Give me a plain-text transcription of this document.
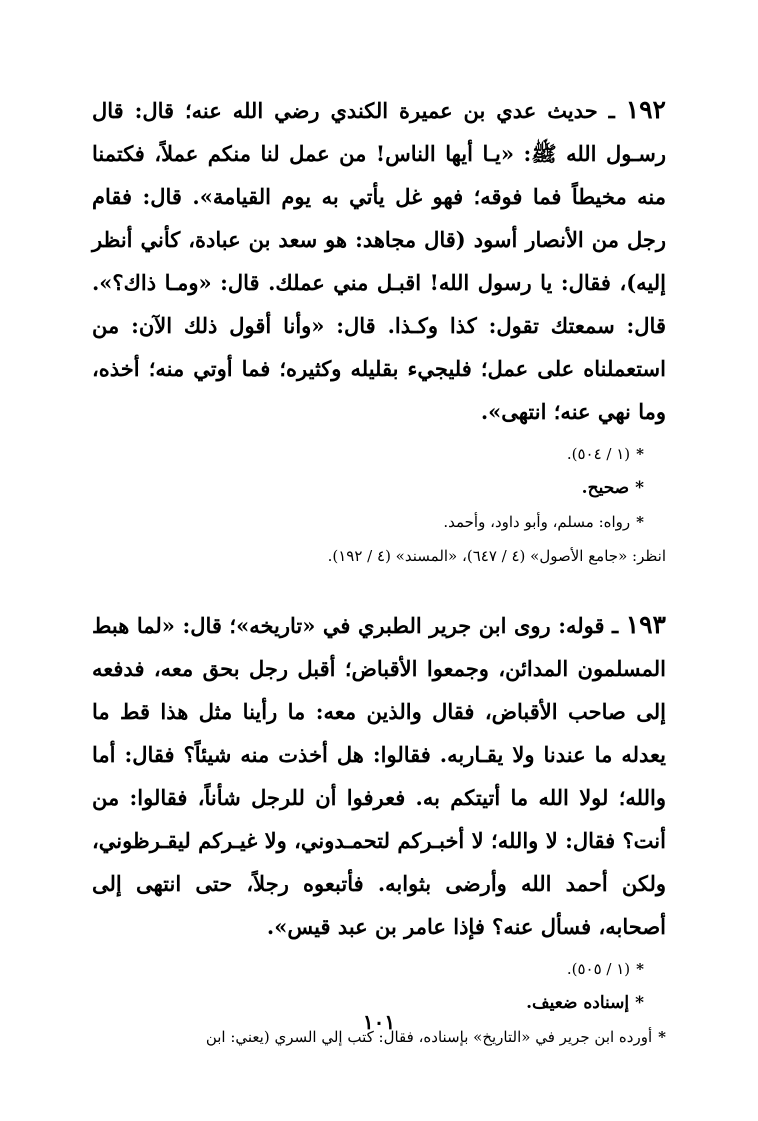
١٩٢ ـ حديث عدي بن عميرة الكندي رضي الله عنه؛ قال: قال رسـول الله ﷺ: «يـا أيها الناس! من عمل لنا منكم عملاً، فكتمنا منه مخيطاً فما فوقه؛ فهو غل يأتي به يوم القيامة». قال: فقام رجل من الأنصار أسود (قال مجاهد: هو سعد بن عبادة، كأني أنظر إليه)، فقال: يا رسول الله! اقبـل مني عملك. قال: «ومـا ذاك؟». قال: سمعتك تقول: كذا وكـذا. قال: «وأنا أقول ذلك الآن: من استعملناه على عمل؛ فليجيء بقليله وكثيره؛ فما أوتي منه؛ أخذه، وما نهي عنه؛ انتهى».

*(١ / ٥٠٤).
*صحيح.
*رواه: مسلم، وأبو داود، وأحمد.
انظر: «جامع الأصول» (٤ / ٦٤٧)، «المسند» (٤ / ١٩٢).

١٩٣ ـ قوله: روى ابن جرير الطبري في «تاريخه»؛ قال: «لما هبط المسلمون المدائن، وجمعوا الأقباض؛ أقبل رجل بحق معه، فدفعه إلى صاحب الأقباض، فقال والذين معه: ما رأينا مثل هذا قط ما يعدله ما عندنا ولا يقـاربه. فقالوا: هل أخذت منه شيئاً؟ فقال: أما والله؛ لولا الله ما أتيتكم به. فعرفوا أن للرجل شأناً، فقالوا: من أنت؟ فقال: لا والله؛ لا أخبـركم لتحمـدوني، ولا غيـركم ليقـرظوني، ولكن أحمد الله وأرضى بثوابه. فأتبعوه رجلاً، حتى انتهى إلى أصحابه، فسأل عنه؟ فإذا عامر بن عبد قيس».

*(١ / ٥٠٥).
*إسناده ضعيف.
*أورده ابن جرير في «التاريخ» بإسناده، فقال: كتب إلي السري (يعني: ابن
١٠١
